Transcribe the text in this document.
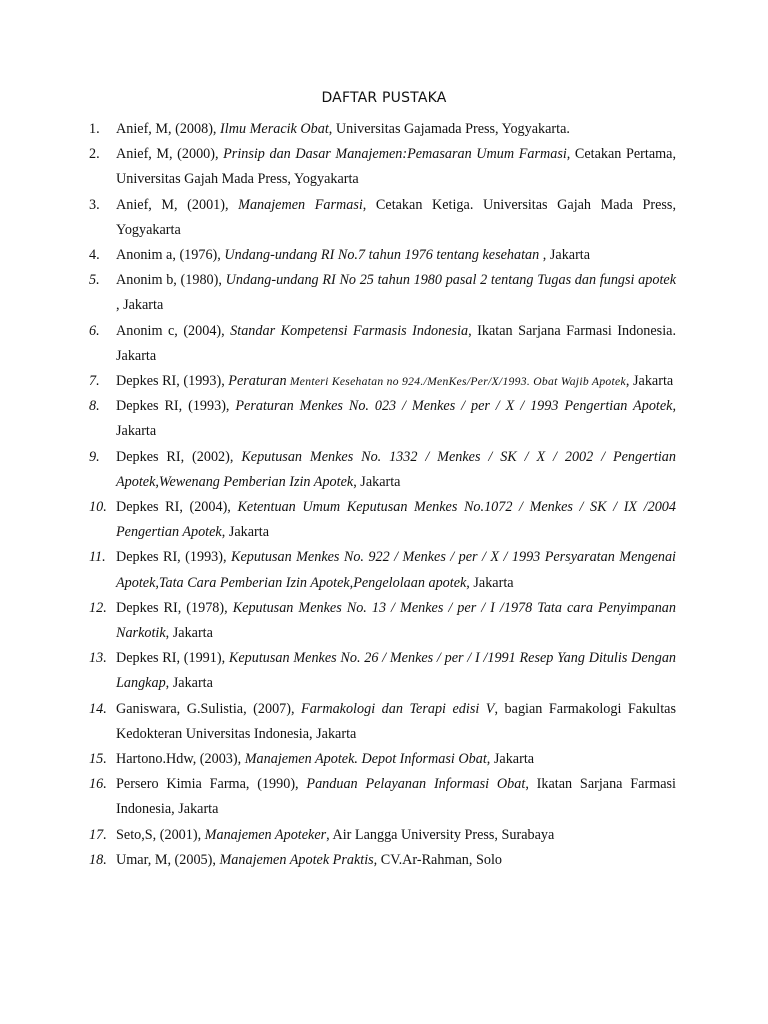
DAFTAR PUSTAKA
1.	Anief, M, (2008), Ilmu Meracik Obat, Universitas Gajamada Press, Yogyakarta.
2.	Anief, M, (2000), Prinsip dan Dasar Manajemen:Pemasaran Umum Farmasi, Cetakan Pertama, Universitas Gajah Mada Press, Yogyakarta
3.	Anief, M, (2001), Manajemen Farmasi, Cetakan Ketiga. Universitas Gajah Mada Press, Yogyakarta
4.	Anonim a, (1976), Undang-undang RI No.7 tahun 1976 tentang kesehatan , Jakarta
5.	Anonim b, (1980), Undang-undang RI No 25 tahun 1980 pasal 2 tentang Tugas dan fungsi apotek , Jakarta
6.	Anonim c, (2004), Standar Kompetensi Farmasis Indonesia, Ikatan Sarjana Farmasi Indonesia. Jakarta
7.	Depkes RI, (1993), Peraturan Menteri Kesehatan no 924./MenKes/Per/X/1993. Obat Wajib Apotek, Jakarta
8.	Depkes RI, (1993), Peraturan Menkes No. 023 / Menkes / per / X / 1993 Pengertian Apotek, Jakarta
9.	Depkes RI, (2002), Keputusan Menkes No. 1332 / Menkes / SK / X / 2002 / Pengertian Apotek,Wewenang Pemberian Izin Apotek, Jakarta
10. Depkes RI, (2004), Ketentuan Umum Keputusan Menkes No.1072 / Menkes / SK / IX /2004 Pengertian Apotek, Jakarta
11. Depkes RI, (1993), Keputusan Menkes No. 922 / Menkes / per / X / 1993 Persyaratan Mengenai Apotek,Tata Cara Pemberian Izin Apotek,Pengelolaan apotek, Jakarta
12. Depkes RI, (1978), Keputusan Menkes No. 13 / Menkes / per / I /1978 Tata cara Penyimpanan Narkotik, Jakarta
13. Depkes RI, (1991), Keputusan Menkes No. 26 / Menkes / per / I /1991 Resep Yang Ditulis Dengan Langkap, Jakarta
14. Ganiswara, G.Sulistia, (2007), Farmakologi dan Terapi edisi V, bagian Farmakologi Fakultas Kedokteran Universitas Indonesia, Jakarta
15. Hartono.Hdw, (2003), Manajemen Apotek. Depot Informasi Obat, Jakarta
16. Persero Kimia Farma, (1990), Panduan Pelayanan Informasi Obat, Ikatan Sarjana Farmasi Indonesia, Jakarta
17. Seto,S, (2001), Manajemen Apoteker, Air Langga University Press, Surabaya
18. Umar, M, (2005), Manajemen Apotek Praktis, CV.Ar-Rahman, Solo
